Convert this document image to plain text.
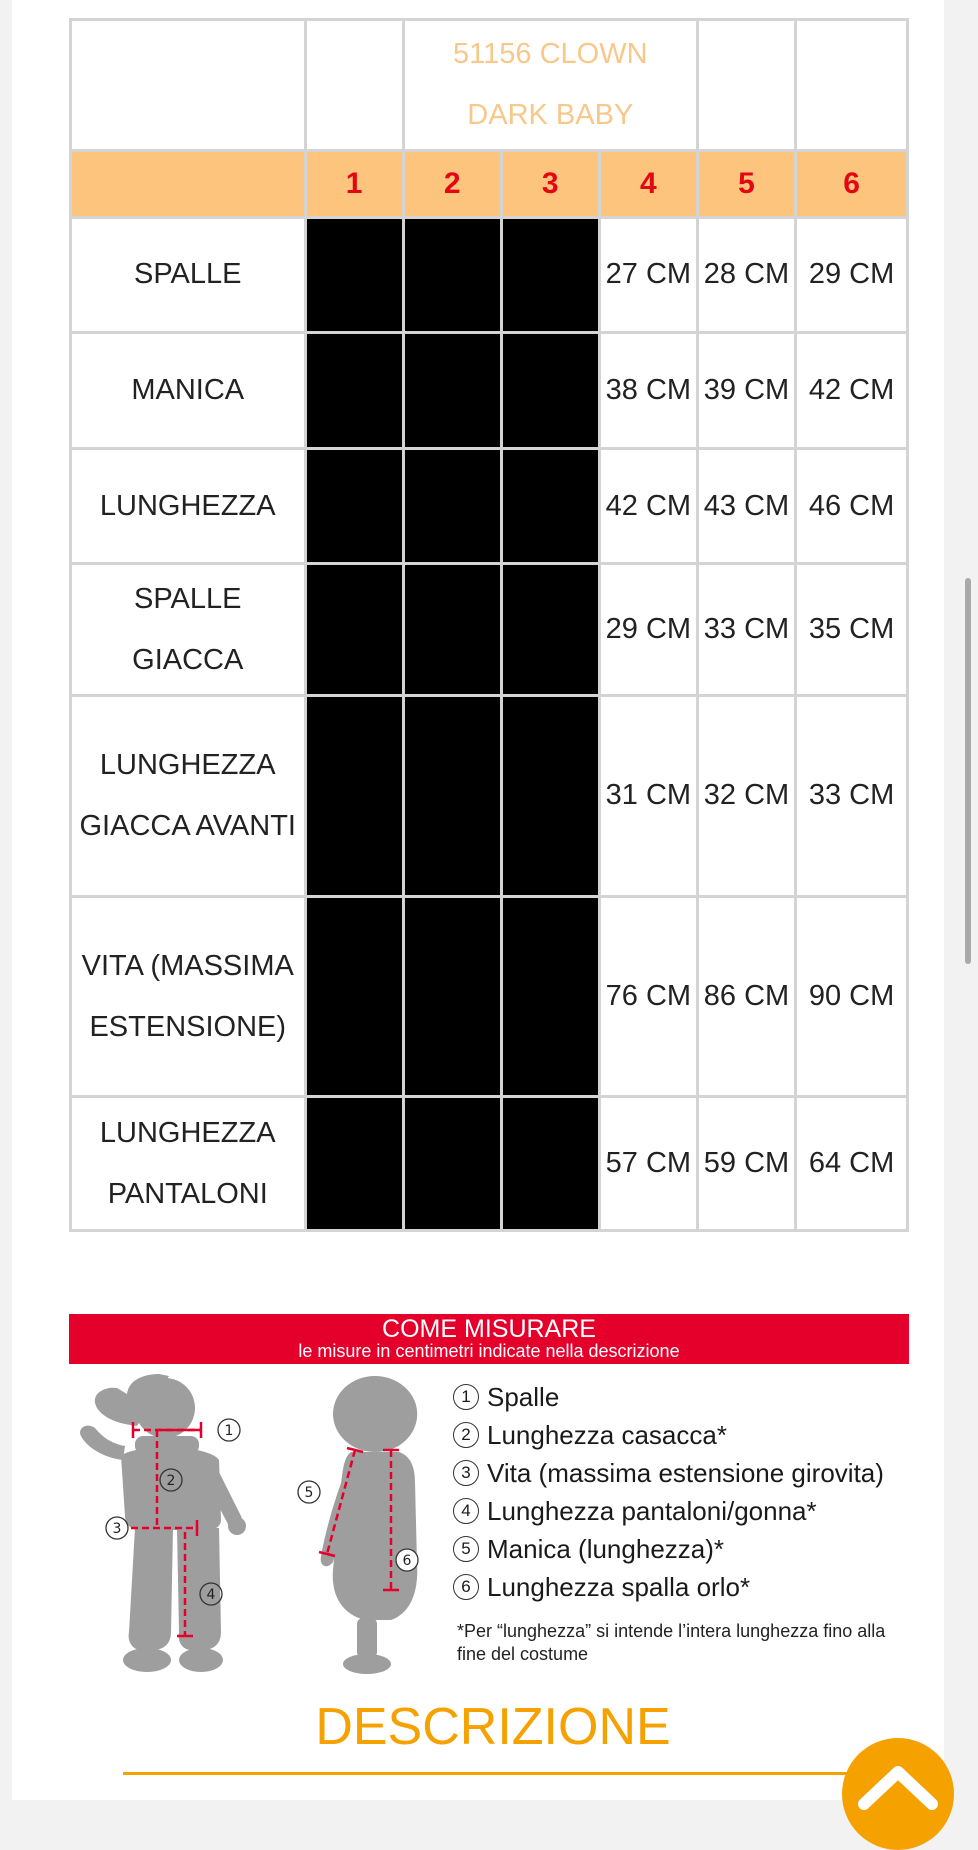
		51156 CLOWN DARK BABY				
	1	2	3	4	5	6
SPALLE				27 CM	28 CM	29 CM
MANICA				38 CM	39 CM	42 CM
LUNGHEZZA				42 CM	43 CM	46 CM
SPALLE GIACCA				29 CM	33 CM	35 CM
LUNGHEZZA GIACCA AVANTI				31 CM	32 CM	33 CM
VITA (MASSIMA ESTENSIONE)				76 CM	86 CM	90 CM
LUNGHEZZA PANTALONI				57 CM	59 CM	64 CM
COME MISURARE
le misure in centimetri indicate nella descrizione
1
2
3
4
5
6
1 Spalle
2 Lunghezza casacca*
3 Vita (massima estensione girovita)
4 Lunghezza pantaloni/gonna*
5 Manica (lunghezza)*
6 Lunghezza spalla orlo*
*Per “lunghezza” si intende l’intera lunghezza fino alla fine del costume
DESCRIZIONE
